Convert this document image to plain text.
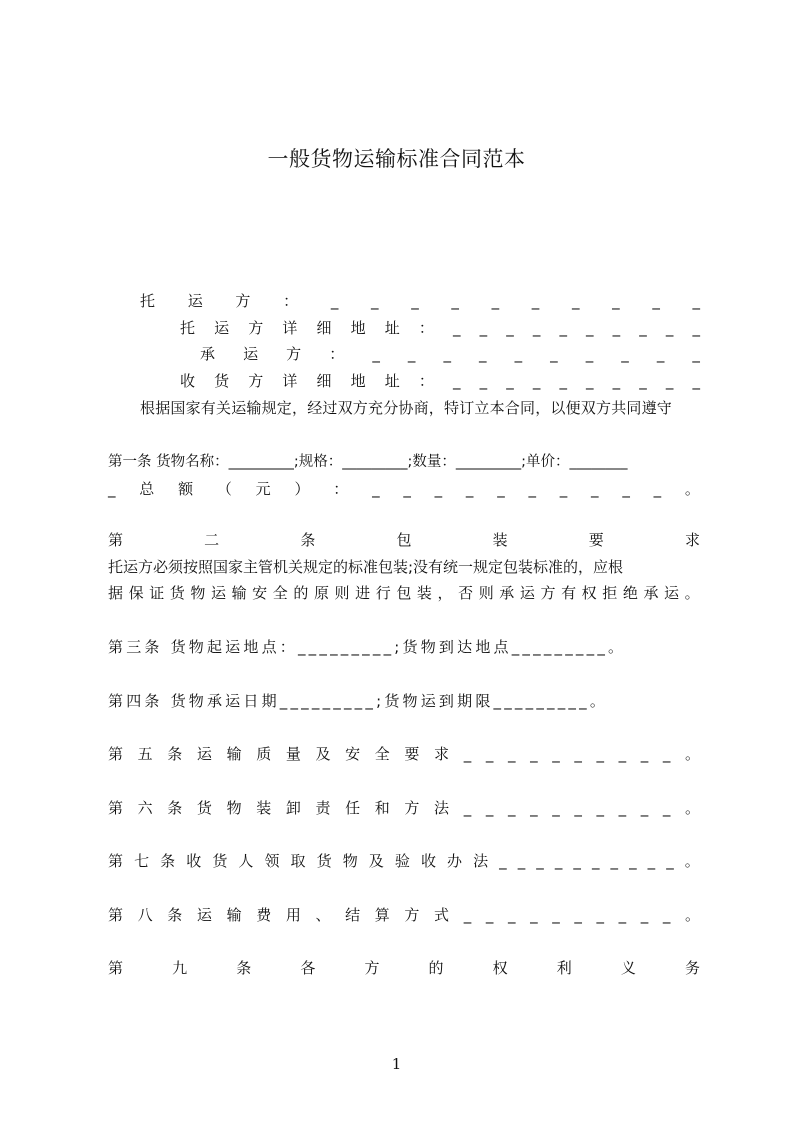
一般货物运输标准合同范本
托 运 方 ： _ _ _ _ _ _ _ _ _ _
托 运 方 详 细 地 址 ： _ _ _ _ _ _ _ _ _ _
承 运 方 ： _ _ _ _ _ _ _ _ _ _
收 货 方 详 细 地 址 ： _ _ _ _ _ _ _ _ _ _
根据国家有关运输规定，经过双方充分协商，特订立本合同，以便双方共同遵守
第一条 货物名称：_________;规格：_________;数量：_________;单价：________
_ 总 额 （ 元 ） ： _ _ _ _ _ _ _ _ _ _ 。
第	二	条	包	装	要	求
托运方必须按照国家主管机关规定的标准包装;没有统一规定包装标准的，应根
据 保 证 货 物 运 输 安 全 的 原 则 进 行 包 装 ， 否 则 承 运 方 有 权 拒 绝 承 运 。
第三条 货物起运地点：_________;货物到达地点_________。
第四条 货物承运日期_________;货物运到期限_________。
第 五 条 运 输 质 量 及 安 全 要 求 _ _ _ _ _ _ _ _ _ _ 。
第 六 条 货 物 装 卸 责 任 和 方 法 _ _ _ _ _ _ _ _ _ _ 。
第 七 条 收 货 人 领 取 货 物 及 验 收 办 法 _ _ _ _ _ _ _ _ _ _ 。
第 八 条 运 输 费 用 、 结 算 方 式 _ _ _ _ _ _ _ _ _ _ 。
第	九	条	各	方	的	权	利	义	务
1
